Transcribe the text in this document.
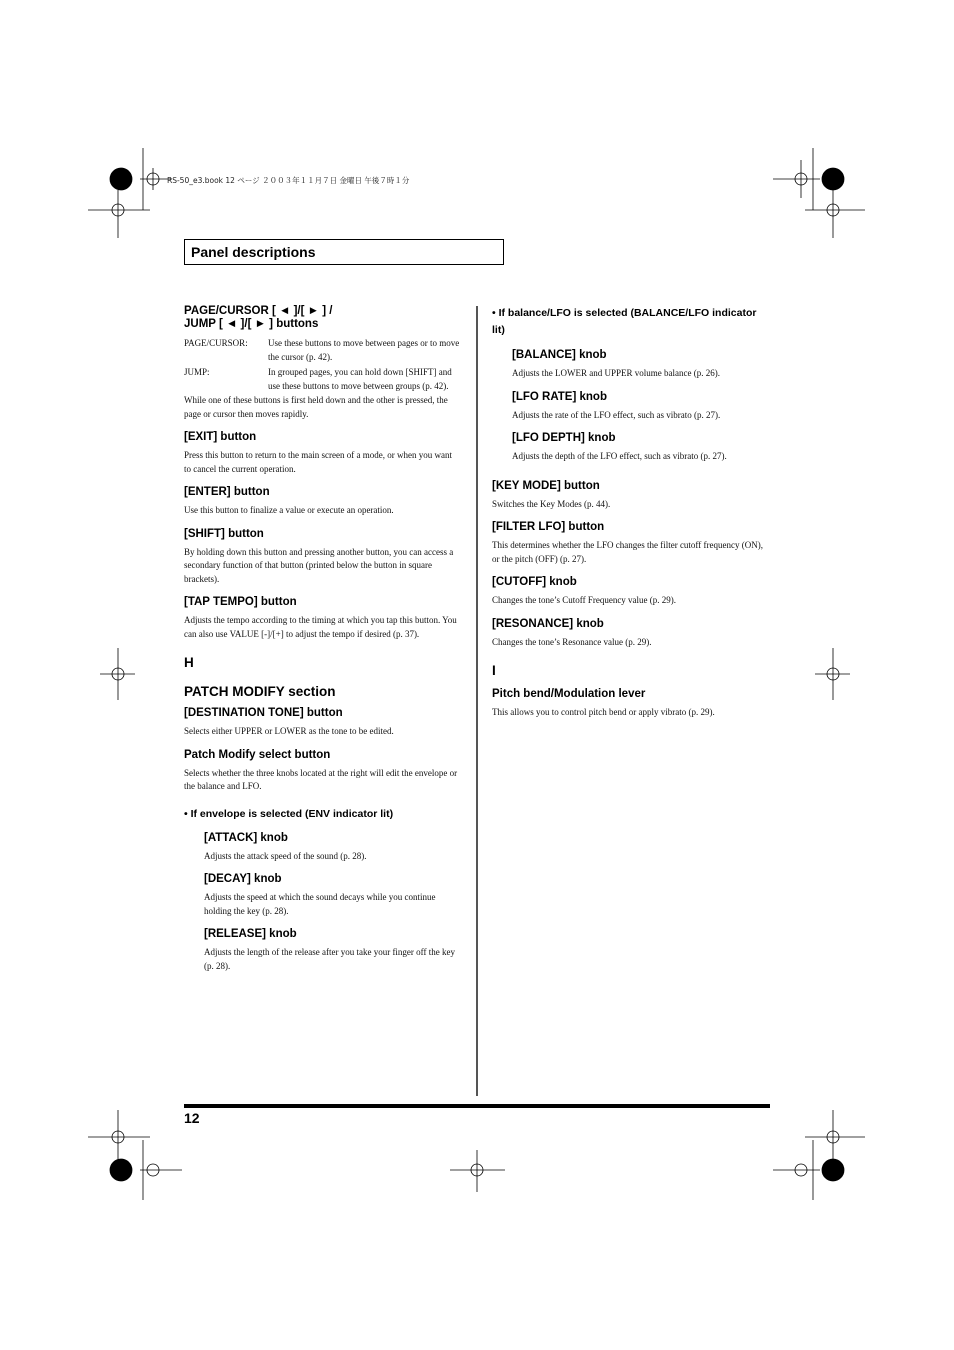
RS-50_e3.book 12 ページ ２００３年１１月７日 金曜日 午後７時１分
Panel descriptions

PAGE/CURSOR [ ◄ ]/[ ► ] /

JUMP [ ◄ ]/[ ► ] buttons

PAGE/CURSOR:	Use these buttons to move between pages or to move the cursor (p. 42).
JUMP:	In grouped pages, you can hold down [SHIFT] and use these buttons to move between groups (p. 42).

While one of these buttons is first held down and the other is pressed, the page or cursor then moves rapidly.

[EXIT] button

Press this button to return to the main screen of a mode, or when you want to cancel the current operation.

[ENTER] button

Use this button to finalize a value or execute an operation.

[SHIFT] button

By holding down this button and pressing another button, you can access a secondary function of that button (printed below the button in square brackets).

[TAP TEMPO] button

Adjusts the tempo according to the timing at which you tap this button. You can also use VALUE [-]/[+] to adjust the tempo if desired (p. 37).

H

PATCH MODIFY section

[DESTINATION TONE] button

Selects either UPPER or LOWER as the tone to be edited.

Patch Modify select button

Selects whether the three knobs located at the right will edit the envelope or the balance and LFO.

• If envelope is selected (ENV indicator lit)

[ATTACK] knob

Adjusts the attack speed of the sound (p. 28).

[DECAY] knob

Adjusts the speed at which the sound decays while you continue holding the key (p. 28).

[RELEASE] knob

Adjusts the length of the release after you take your finger off the key (p. 28).

• If balance/LFO is selected (BALANCE/LFO indicator lit)

[BALANCE] knob

Adjusts the LOWER and UPPER volume balance (p. 26).

[LFO RATE] knob

Adjusts the rate of the LFO effect, such as vibrato (p. 27).

[LFO DEPTH] knob

Adjusts the depth of the LFO effect, such as vibrato (p. 27).

[KEY MODE] button

Switches the Key Modes (p. 44).

[FILTER LFO] button

This determines whether the LFO changes the filter cutoff frequency (ON), or the pitch (OFF) (p. 27).

[CUTOFF] knob

Changes the tone’s Cutoff Frequency value (p. 29).

[RESONANCE] knob

Changes the tone’s Resonance value (p. 29).

I

Pitch bend/Modulation lever

This allows you to control pitch bend or apply vibrato (p. 29).

12
